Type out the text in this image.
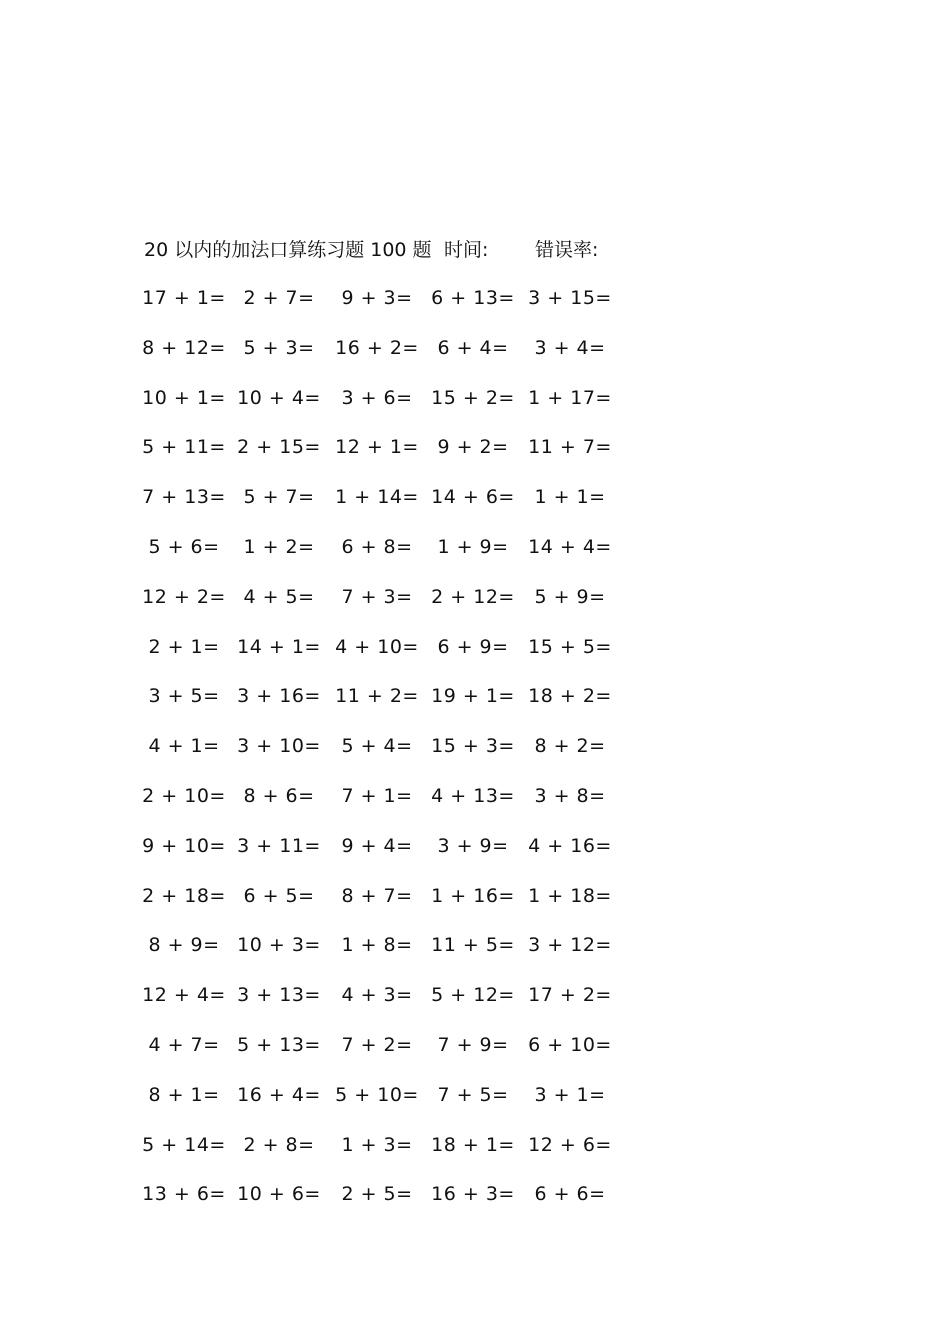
20 以内的加法口算练习题 100 题 时间: 错误率:
17 + 1= 2 + 7=	9 + 3= 6 + 13= 3 + 15=
8 + 12= 5 + 3=	16 + 2= 6 + 4=	3 + 4=
10 + 1= 10 + 4=	3 + 6= 15 + 2= 1 + 17=
5 + 11= 2 + 15= 12 + 1= 9 + 2=	11 + 7=
7 + 13= 5 + 7=	1 + 14= 14 + 6=	1 + 1=
5 + 6=	1 + 2=	6 + 8=	1 + 9=	14 + 4=
12 + 2= 4 + 5=	7 + 3= 2 + 12=	5 + 9=
2 + 1= 14 + 1= 4 + 10= 6 + 9=	15 + 5=
3 + 5= 3 + 16= 11 + 2= 19 + 1= 18 + 2=
4 + 1= 3 + 10=	5 + 4= 15 + 3=	8 + 2=
2 + 10= 8 + 6=	7 + 1= 4 + 13=	3 + 8=
9 + 10= 3 + 11=	9 + 4=	3 + 9=	4 + 16=
2 + 18= 6 + 5=	8 + 7= 1 + 16= 1 + 18=
8 + 9= 10 + 3=	1 + 8= 11 + 5= 3 + 12=
12 + 4= 3 + 13=	4 + 3= 5 + 12= 17 + 2=
4 + 7= 5 + 13=	7 + 2=	7 + 9=	6 + 10=
8 + 1= 16 + 4= 5 + 10= 7 + 5=	3 + 1=
5 + 14= 2 + 8=	1 + 3= 18 + 1= 12 + 6=
13 + 6= 10 + 6=	2 + 5= 16 + 3=	6 + 6=
